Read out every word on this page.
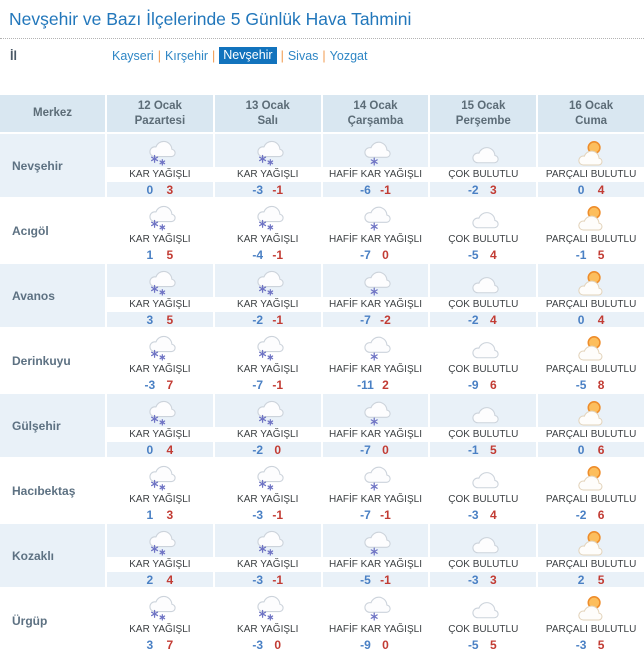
Nevşehir ve Bazı İlçelerinde 5 Günlük Hava Tahmini
İl	Kayseri | Kırşehir | Nevşehir | Sivas | Yozgat
Merkez
12 Ocak
Pazartesi
13 Ocak
Salı
14 Ocak
Çarşamba
15 Ocak
Perşembe
16 Ocak
Cuma
Nevşehir
KAR YAĞIŞLI
0	3
KAR YAĞIŞLI
-3 -1
HAFİF KAR YAĞIŞLI
-6 -1
ÇOK BULUTLU
-2 3
PARÇALI BULUTLU
0	4
Acıgöl
KAR YAĞIŞLI
1	5
KAR YAĞIŞLI
-4 -1
HAFİF KAR YAĞIŞLI
-7 0
ÇOK BULUTLU
-5 4
PARÇALI BULUTLU
-1 5
Avanos
KAR YAĞIŞLI
3	5
KAR YAĞIŞLI
-2 -1
HAFİF KAR YAĞIŞLI
-7 -2
ÇOK BULUTLU
-2 4
PARÇALI BULUTLU
0	4
Derinkuyu
KAR YAĞIŞLI
-3 7
KAR YAĞIŞLI
-7 -1
HAFİF KAR YAĞIŞLI
-11 2
ÇOK BULUTLU
-9 6
PARÇALI BULUTLU
-5 8
Gülşehir
KAR YAĞIŞLI
0	4
KAR YAĞIŞLI
-2 0
HAFİF KAR YAĞIŞLI
-7 0
ÇOK BULUTLU
-1 5
PARÇALI BULUTLU
0	6
Hacıbektaş
KAR YAĞIŞLI
1	3
KAR YAĞIŞLI
-3 -1
HAFİF KAR YAĞIŞLI
-7 -1
ÇOK BULUTLU
-3 4
PARÇALI BULUTLU
-2 6
Kozaklı
KAR YAĞIŞLI
2	4
KAR YAĞIŞLI
-3 -1
HAFİF KAR YAĞIŞLI
-5 -1
ÇOK BULUTLU
-3 3
PARÇALI BULUTLU
2	5
Ürgüp
KAR YAĞIŞLI
3	7
KAR YAĞIŞLI
-3 0
HAFİF KAR YAĞIŞLI
-9 0
ÇOK BULUTLU
-5 5
PARÇALI BULUTLU
-3 5
